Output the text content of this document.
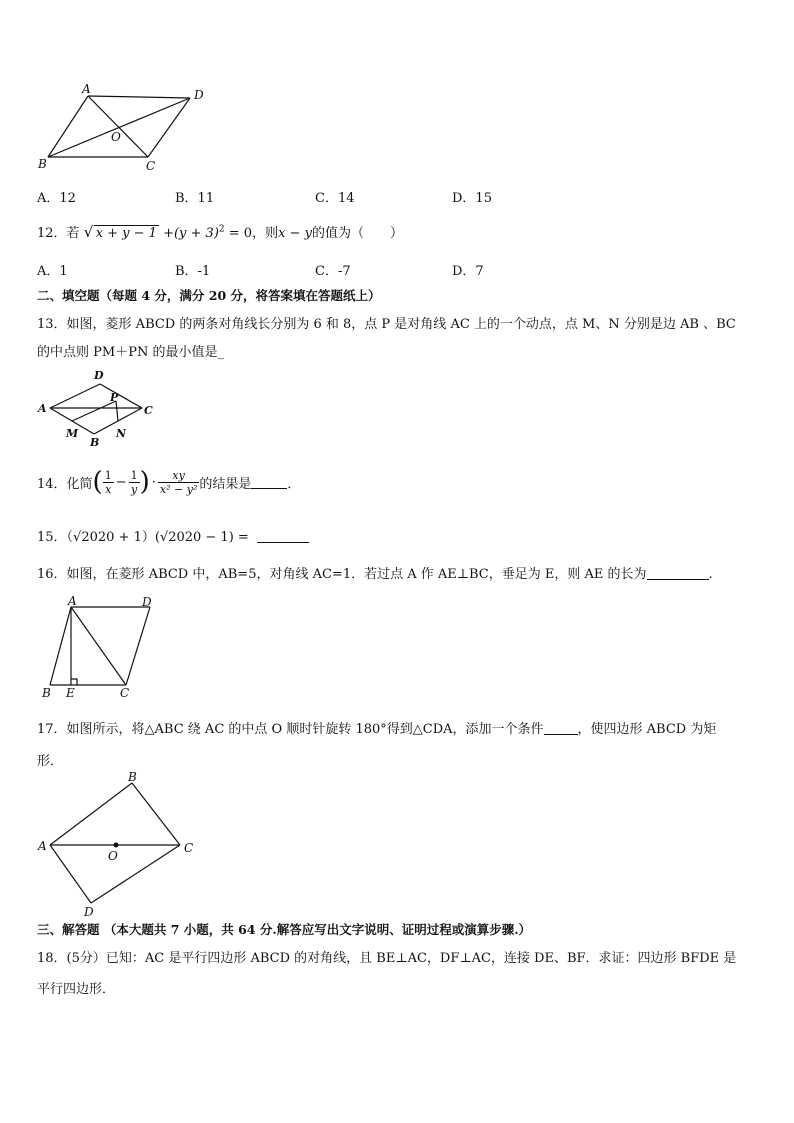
A	D
B	C
O
A．12	B．11	C．14	D．15
12．若 √ $x + y - 1 +(y + 3)^2 = 0$，则x − y的值为（　　）
A．1	B．-1	C．-7	D．7
二、填空题（每题 4 分，满分 20 分，将答案填在答题纸上）
13．如图，菱形 ABCD 的两条对角线长分别为 6 和 8，点 P 是对角线 AC 上的一个动点，点 M、N 分别是边 AB 、BC
的中点则 PM＋PN 的最小值是_
D
A	C
P
M	N
B
14．化简 ( $\frac{1}{x} - \frac{1}{y}$ ) · $\frac{xy}{\text{x² − y²}}$ 的结果是	．
15．（√2020 + 1）(√2020 − 1) =
16．如图，在菱形 ABCD 中，AB=5，对角线 AC=1．若过点 A 作 AE⊥BC，垂足为 E，则 AE 的长为	.
A	D
B E	C
17．如图所示，将△ABC 绕 AC 的中点 O 顺时针旋转 180°得到△CDA，添加一个条件	，使四边形 ABCD 为矩
形．
B
A	C
O
D
三、解答题 （本大题共 7 小题，共 64 分.解答应写出文字说明、证明过程或演算步骤.）
18．(5分）已知：AC 是平行四边形 ABCD 的对角线，且 BE⊥AC，DF⊥AC，连接 DE、BF．求证：四边形 BFDE 是
平行四边形．
